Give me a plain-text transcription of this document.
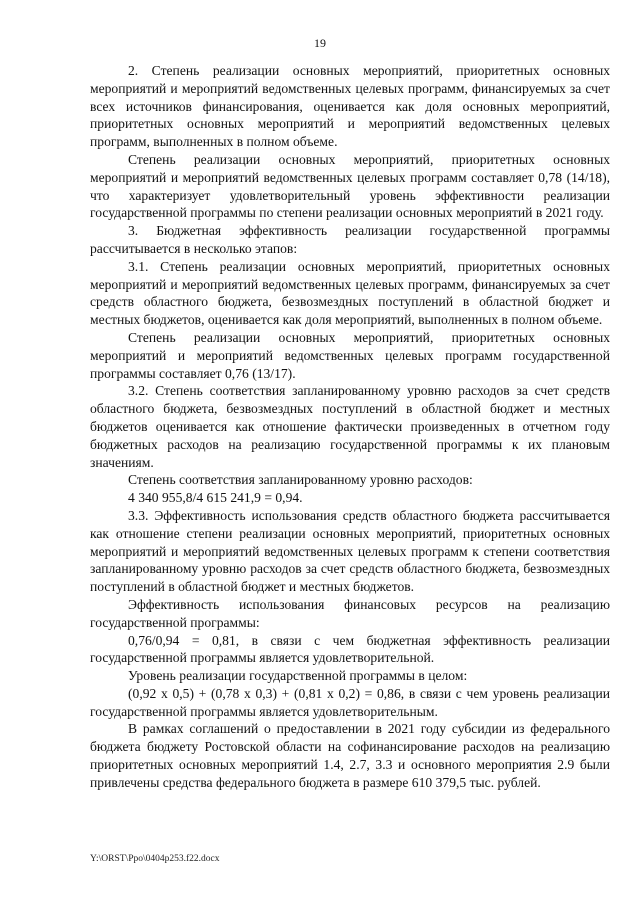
19

2. Степень реализации основных мероприятий, приоритетных основных мероприятий и мероприятий ведомственных целевых программ, финансируемых за счет всех источников финансирования, оценивается как доля основных мероприятий, приоритетных основных мероприятий и мероприятий ведомственных целевых программ, выполненных в полном объеме.

Степень реализации основных мероприятий, приоритетных основных мероприятий и мероприятий ведомственных целевых программ составляет 0,78 (14/18), что характеризует удовлетворительный уровень эффективности реализации государственной программы по степени реализации основных мероприятий в 2021 году.

3. Бюджетная эффективность реализации государственной программы рассчитывается в несколько этапов:

3.1. Степень реализации основных мероприятий, приоритетных основных мероприятий и мероприятий ведомственных целевых программ, финансируемых за счет средств областного бюджета, безвозмездных поступлений в областной бюджет и местных бюджетов, оценивается как доля мероприятий, выполненных в полном объеме.

Степень реализации основных мероприятий, приоритетных основных мероприятий и мероприятий ведомственных целевых программ государственной программы составляет 0,76 (13/17).

3.2. Степень соответствия запланированному уровню расходов за счет средств областного бюджета, безвозмездных поступлений в областной бюджет и местных бюджетов оценивается как отношение фактически произведенных в отчетном году бюджетных расходов на реализацию государственной программы к их плановым значениям.

Степень соответствия запланированному уровню расходов:

4 340 955,8/4 615 241,9 = 0,94.

3.3. Эффективность использования средств областного бюджета рассчитывается как отношение степени реализации основных мероприятий, приоритетных основных мероприятий и мероприятий ведомственных целевых программ к степени соответствия запланированному уровню расходов за счет средств областного бюджета, безвозмездных поступлений в областной бюджет и местных бюджетов.

Эффективность использования финансовых ресурсов на реализацию государственной программы:

0,76/0,94 = 0,81, в связи с чем бюджетная эффективность реализации государственной программы является удовлетворительной.

Уровень реализации государственной программы в целом:

(0,92 х 0,5) + (0,78 х 0,3) + (0,81 х 0,2) = 0,86, в связи с чем уровень реализации государственной программы является удовлетворительным.

В рамках соглашений о предоставлении в 2021 году субсидии из федерального бюджета бюджету Ростовской области на софинансирование расходов на реализацию приоритетных основных мероприятий 1.4, 2.7, 3.3 и основного мероприятия 2.9 были привлечены средства федерального бюджета в размере 610 379,5 тыс. рублей.

Y:\ORST\Ppo\0404p253.f22.docx
